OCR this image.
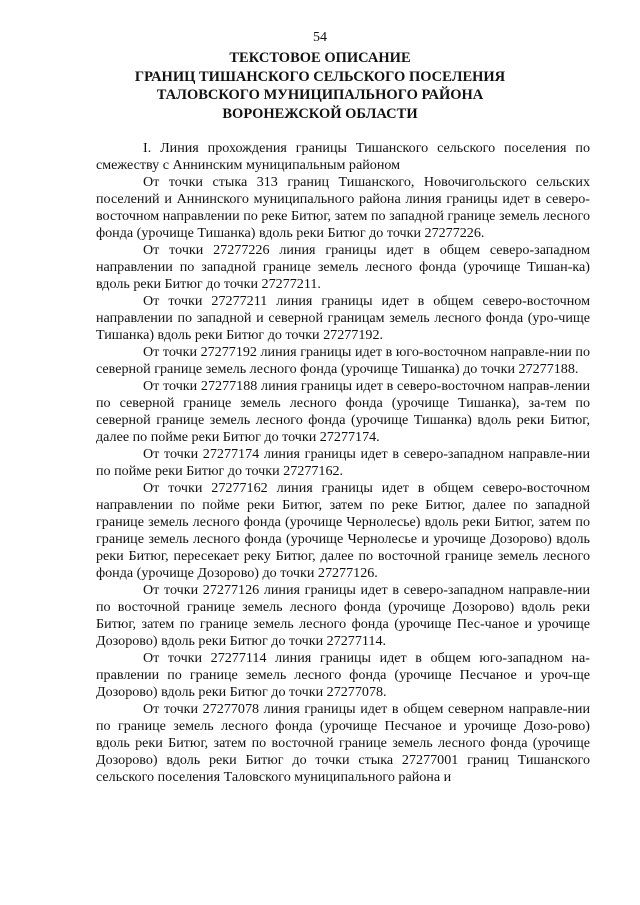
54
ТЕКСТОВОЕ ОПИСАНИЕ
ГРАНИЦ ТИШАНСКОГО СЕЛЬСКОГО ПОСЕЛЕНИЯ
ТАЛОВСКОГО МУНИЦИПАЛЬНОГО РАЙОНА
ВОРОНЕЖСКОЙ ОБЛАСТИ

I. Линия прохождения границы Тишанского сельского поселения по смежеству с Аннинским муниципальным районом

От точки стыка 313 границ Тишанского, Новочигольского сельских поселений и Аннинского муниципального района линия границы идет в северо-восточном направлении по реке Битюг, затем по западной границе земель лесного фонда (урочище Тишанка) вдоль реки Битюг до точки 27277226.

От точки 27277226 линия границы идет в общем северо-западном направлении по западной границе земель лесного фонда (урочище Тишан-ка) вдоль реки Битюг до точки 27277211.

От точки 27277211 линия границы идет в общем северо-восточном направлении по западной и северной границам земель лесного фонда (уро-чище Тишанка) вдоль реки Битюг до точки 27277192.

От точки 27277192 линия границы идет в юго-восточном направле-нии по северной границе земель лесного фонда (урочище Тишанка) до точки 27277188.

От точки 27277188 линия границы идет в северо-восточном направ-лении по северной границе земель лесного фонда (урочище Тишанка), за-тем по северной границе земель лесного фонда (урочище Тишанка) вдоль реки Битюг, далее по пойме реки Битюг до точки 27277174.

От точки 27277174 линия границы идет в северо-западном направле-нии по пойме реки Битюг до точки 27277162.

От точки 27277162 линия границы идет в общем северо-восточном направлении по пойме реки Битюг, затем по реке Битюг, далее по западной границе земель лесного фонда (урочище Чернолесье) вдоль реки Битюг, затем по границе земель лесного фонда (урочище Чернолесье и урочище Дозорово) вдоль реки Битюг, пересекает реку Битюг, далее по восточной границе земель лесного фонда (урочище Дозорово) до точки 27277126.

От точки 27277126 линия границы идет в северо-западном направле-нии по восточной границе земель лесного фонда (урочище Дозорово) вдоль реки Битюг, затем по границе земель лесного фонда (урочище Пес-чаное и урочище Дозорово) вдоль реки Битюг до точки 27277114.

От точки 27277114 линия границы идет в общем юго-западном на-правлении по границе земель лесного фонда (урочище Песчаное и уроч-ще Дозорово) вдоль реки Битюг до точки 27277078.

От точки 27277078 линия границы идет в общем северном направле-нии по границе земель лесного фонда (урочище Песчаное и урочище Дозо-рово) вдоль реки Битюг, затем по восточной границе земель лесного фонда (урочище Дозорово) вдоль реки Битюг до точки стыка 27277001 границ Тишанского сельского поселения Таловского муниципального района и
